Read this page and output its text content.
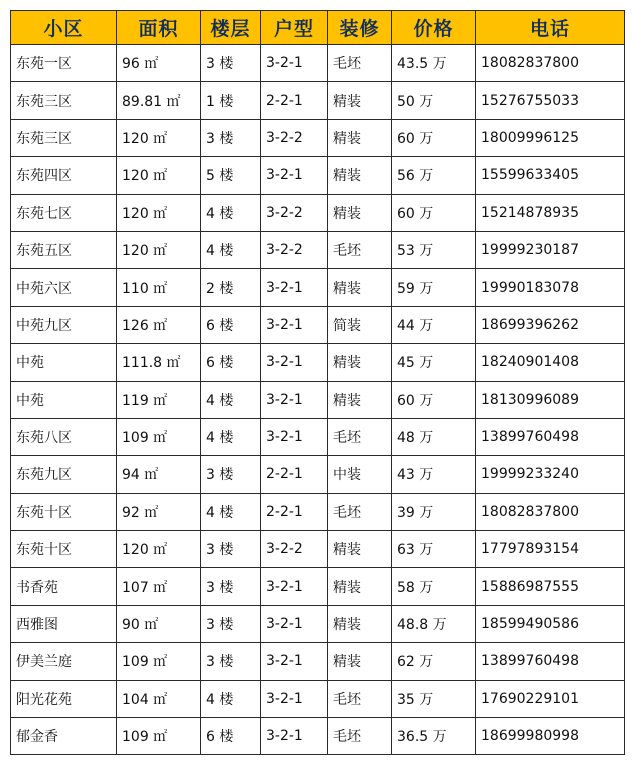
小区	面积	楼层	户型	装修	价格	电话
东苑一区	96 ㎡	3 楼	3-2-1	毛坯	43.5 万	18082837800
东苑三区	89.81 ㎡	1 楼	2-2-1	精装	50 万	15276755033
东苑三区	120 ㎡	3 楼	3-2-2	精装	60 万	18009996125
东苑四区	120 ㎡	5 楼	3-2-1	精装	56 万	15599633405
东苑七区	120 ㎡	4 楼	3-2-2	精装	60 万	15214878935
东苑五区	120 ㎡	4 楼	3-2-2	毛坯	53 万	19999230187
中苑六区	110 ㎡	2 楼	3-2-1	精装	59 万	19990183078
中苑九区	126 ㎡	6 楼	3-2-1	简装	44 万	18699396262
中苑	111.8 ㎡	6 楼	3-2-1	精装	45 万	18240901408
中苑	119 ㎡	4 楼	3-2-1	精装	60 万	18130996089
东苑八区	109 ㎡	4 楼	3-2-1	毛坯	48 万	13899760498
东苑九区	94 ㎡	3 楼	2-2-1	中装	43 万	19999233240
东苑十区	92 ㎡	4 楼	2-2-1	毛坯	39 万	18082837800
东苑十区	120 ㎡	3 楼	3-2-2	精装	63 万	17797893154
书香苑	107 ㎡	3 楼	3-2-1	精装	58 万	15886987555
西雅图	90 ㎡	3 楼	3-2-1	精装	48.8 万	18599490586
伊美兰庭	109 ㎡	3 楼	3-2-1	精装	62 万	13899760498
阳光花苑	104 ㎡	4 楼	3-2-1	毛坯	35 万	17690229101
郁金香	109 ㎡	6 楼	3-2-1	毛坯	36.5 万	18699980998
